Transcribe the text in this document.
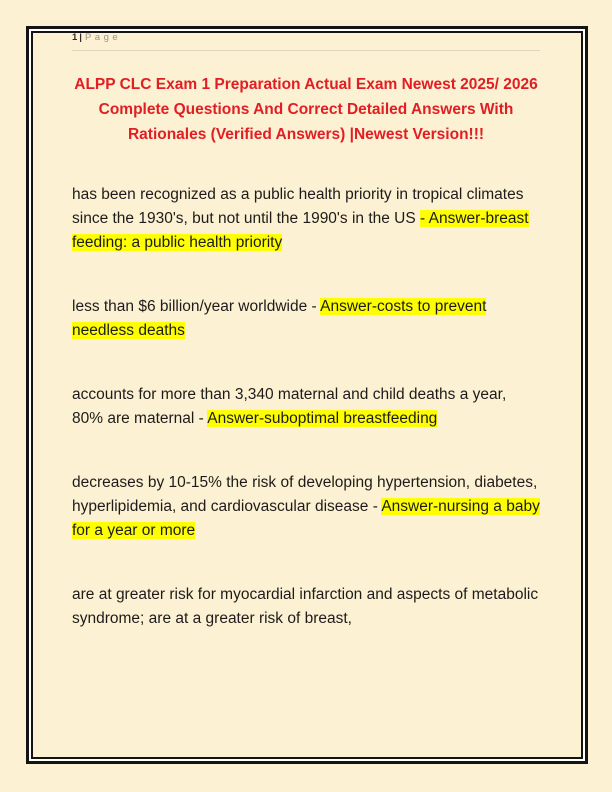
1 | Page
ALPP CLC Exam 1 Preparation Actual Exam Newest 2025/ 2026 Complete Questions And Correct Detailed Answers With Rationales (Verified Answers) |Newest Version!!!

has been recognized as a public health priority in tropical climates since the 1930's, but not until the 1990's in the US - Answer-breast feeding: a public health priority

less than $6 billion/year worldwide - Answer-costs to prevent needless deaths

accounts for more than 3,340 maternal and child deaths a year, 80% are maternal - Answer-suboptimal breastfeeding

decreases by 10-15% the risk of developing hypertension, diabetes, hyperlipidemia, and cardiovascular disease - Answer-nursing a baby for a year or more

are at greater risk for myocardial infarction and aspects of metabolic syndrome; are at a greater risk of breast,
